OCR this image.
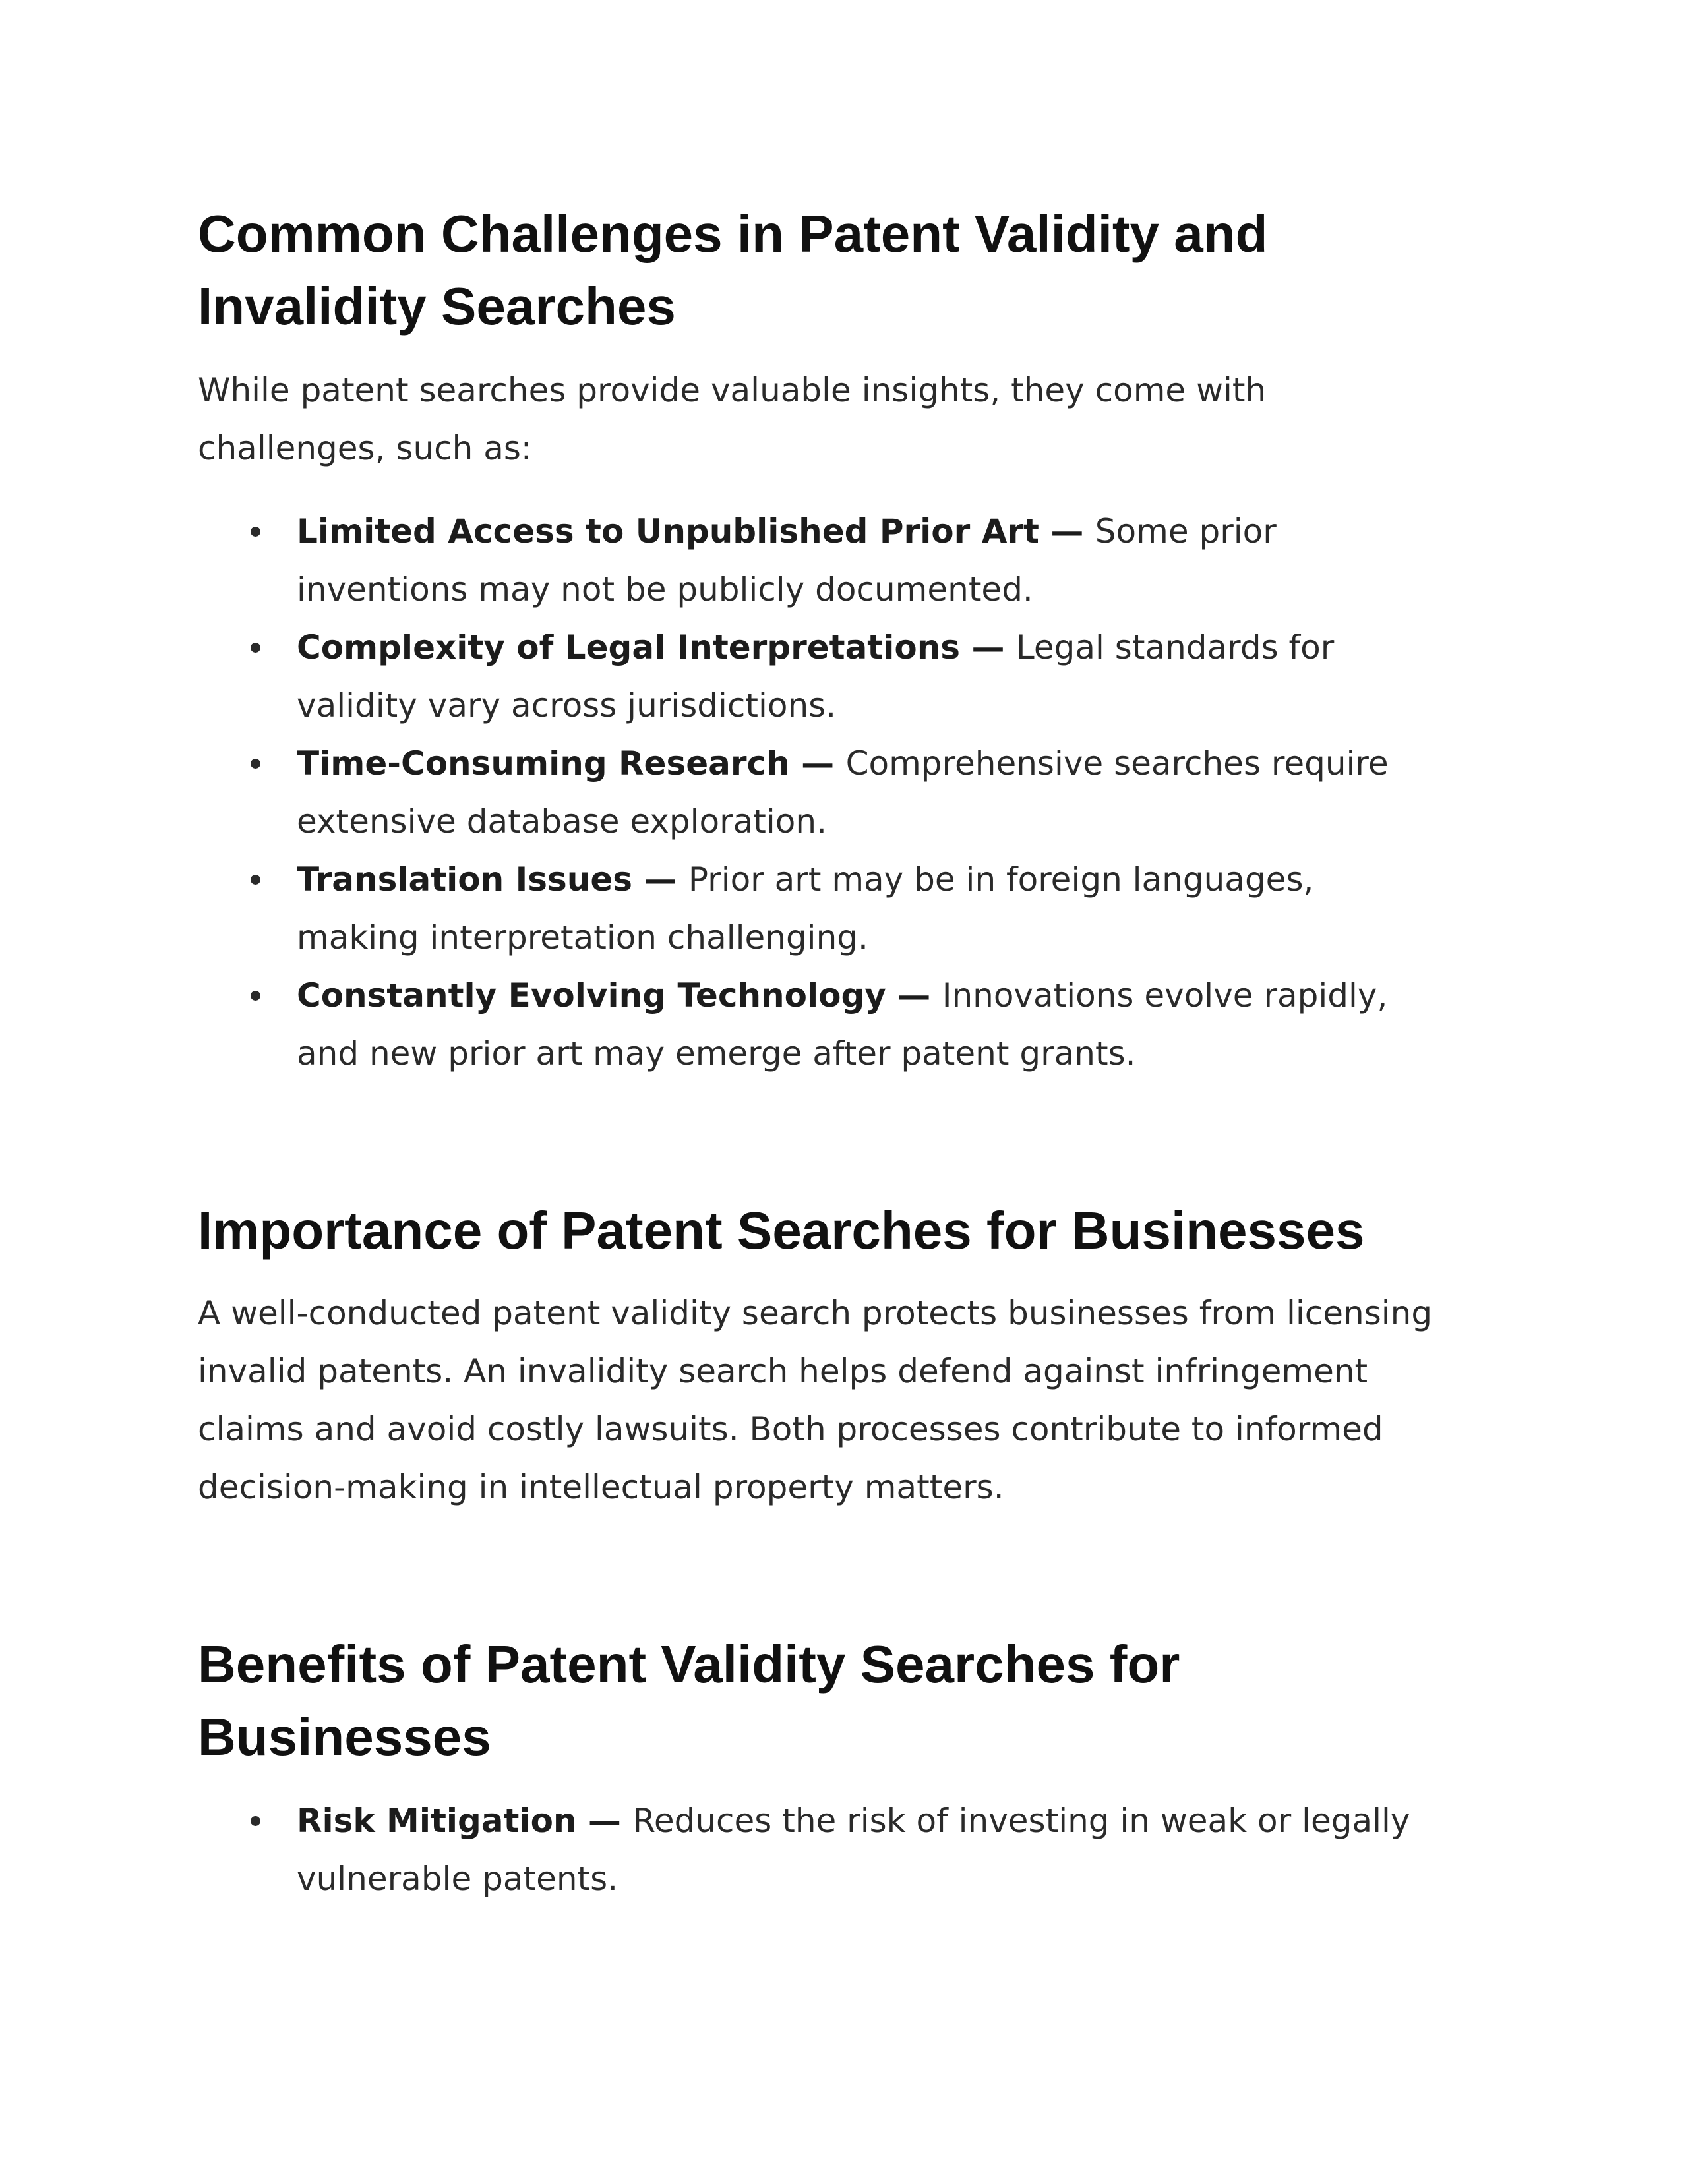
Common Challenges in Patent Validity and Invalidity Searches

While patent searches provide valuable insights, they come with challenges, such as:

Limited Access to Unpublished Prior Art — Some prior inventions may not be publicly documented.
Complexity of Legal Interpretations — Legal standards for validity vary across jurisdictions.
Time-Consuming Research — Comprehensive searches require extensive database exploration.
Translation Issues — Prior art may be in foreign languages, making interpretation challenging.
Constantly Evolving Technology — Innovations evolve rapidly, and new prior art may emerge after patent grants.
Importance of Patent Searches for Businesses

A well-conducted patent validity search protects businesses from licensing invalid patents. An invalidity search helps defend against infringement claims and avoid costly lawsuits. Both processes contribute to informed decision-making in intellectual property matters.

Benefits of Patent Validity Searches for Businesses
Risk Mitigation — Reduces the risk of investing in weak or legally vulnerable patents.
